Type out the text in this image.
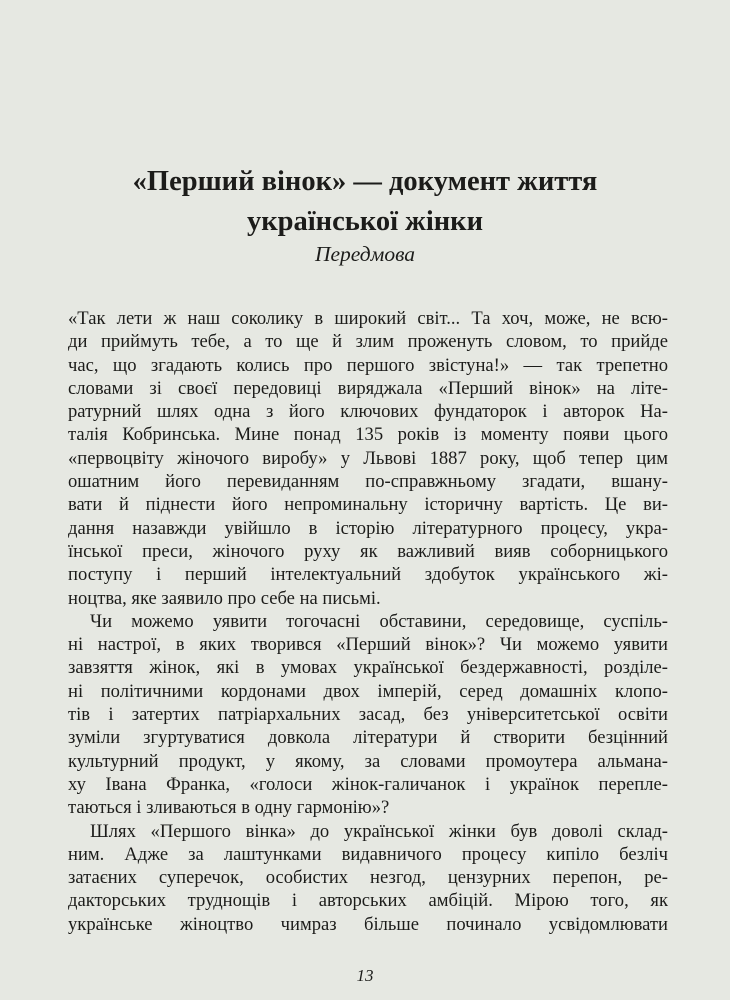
«Перший вінок» — документ життя
української жінки
Передмова
«Так лети ж наш соколику в широкий світ... Та хоч, може, не всю-
ди приймуть тебе, а то ще й злим проженуть словом, то прийде
час, що згадають колись про першого звістуна!» — так трепетно
словами зі своєї передовиці виряджала «Перший вінок» на літе-
ратурний шлях одна з його ключових фундаторок і авторок На-
талія Кобринська. Мине понад 135 років із моменту появи цього
«первоцвіту жіночого виробу» у Львові 1887 року, щоб тепер цим
ошатним його перевиданням по-справжньому згадати, вшану-
вати й піднести його непроминальну історичну вартість. Це ви-
дання назавжди увійшло в історію літературного процесу, укра-
їнської преси, жіночого руху як важливий вияв соборницького
поступу і перший інтелектуальний здобуток українського жі-
ноцтва, яке заявило про себе на письмі.
Чи можемо уявити тогочасні обставини, середовище, суспіль-
ні настрої, в яких творився «Перший вінок»? Чи можемо уявити
завзяття жінок, які в умовах української бездержавності, розділе-
ні політичними кордонами двох імперій, серед домашніх клопо-
тів і затертих патріархальних засад, без університетської освіти
зуміли згуртуватися довкола літератури й створити безцінний
культурний продукт, у якому, за словами промоутера альмана-
ху Івана Франка, «голоси жінок-галичанок і українок перепле-
таються і зливаються в одну гармонію»?
Шлях «Першого вінка» до української жінки був доволі склад-
ним. Адже за лаштунками видавничого процесу кипіло безліч
затаєних суперечок, особистих незгод, цензурних перепон, ре-
дакторських труднощів і авторських амбіцій. Мірою того, як
українське жіноцтво чимраз більше починало усвідомлювати
13
